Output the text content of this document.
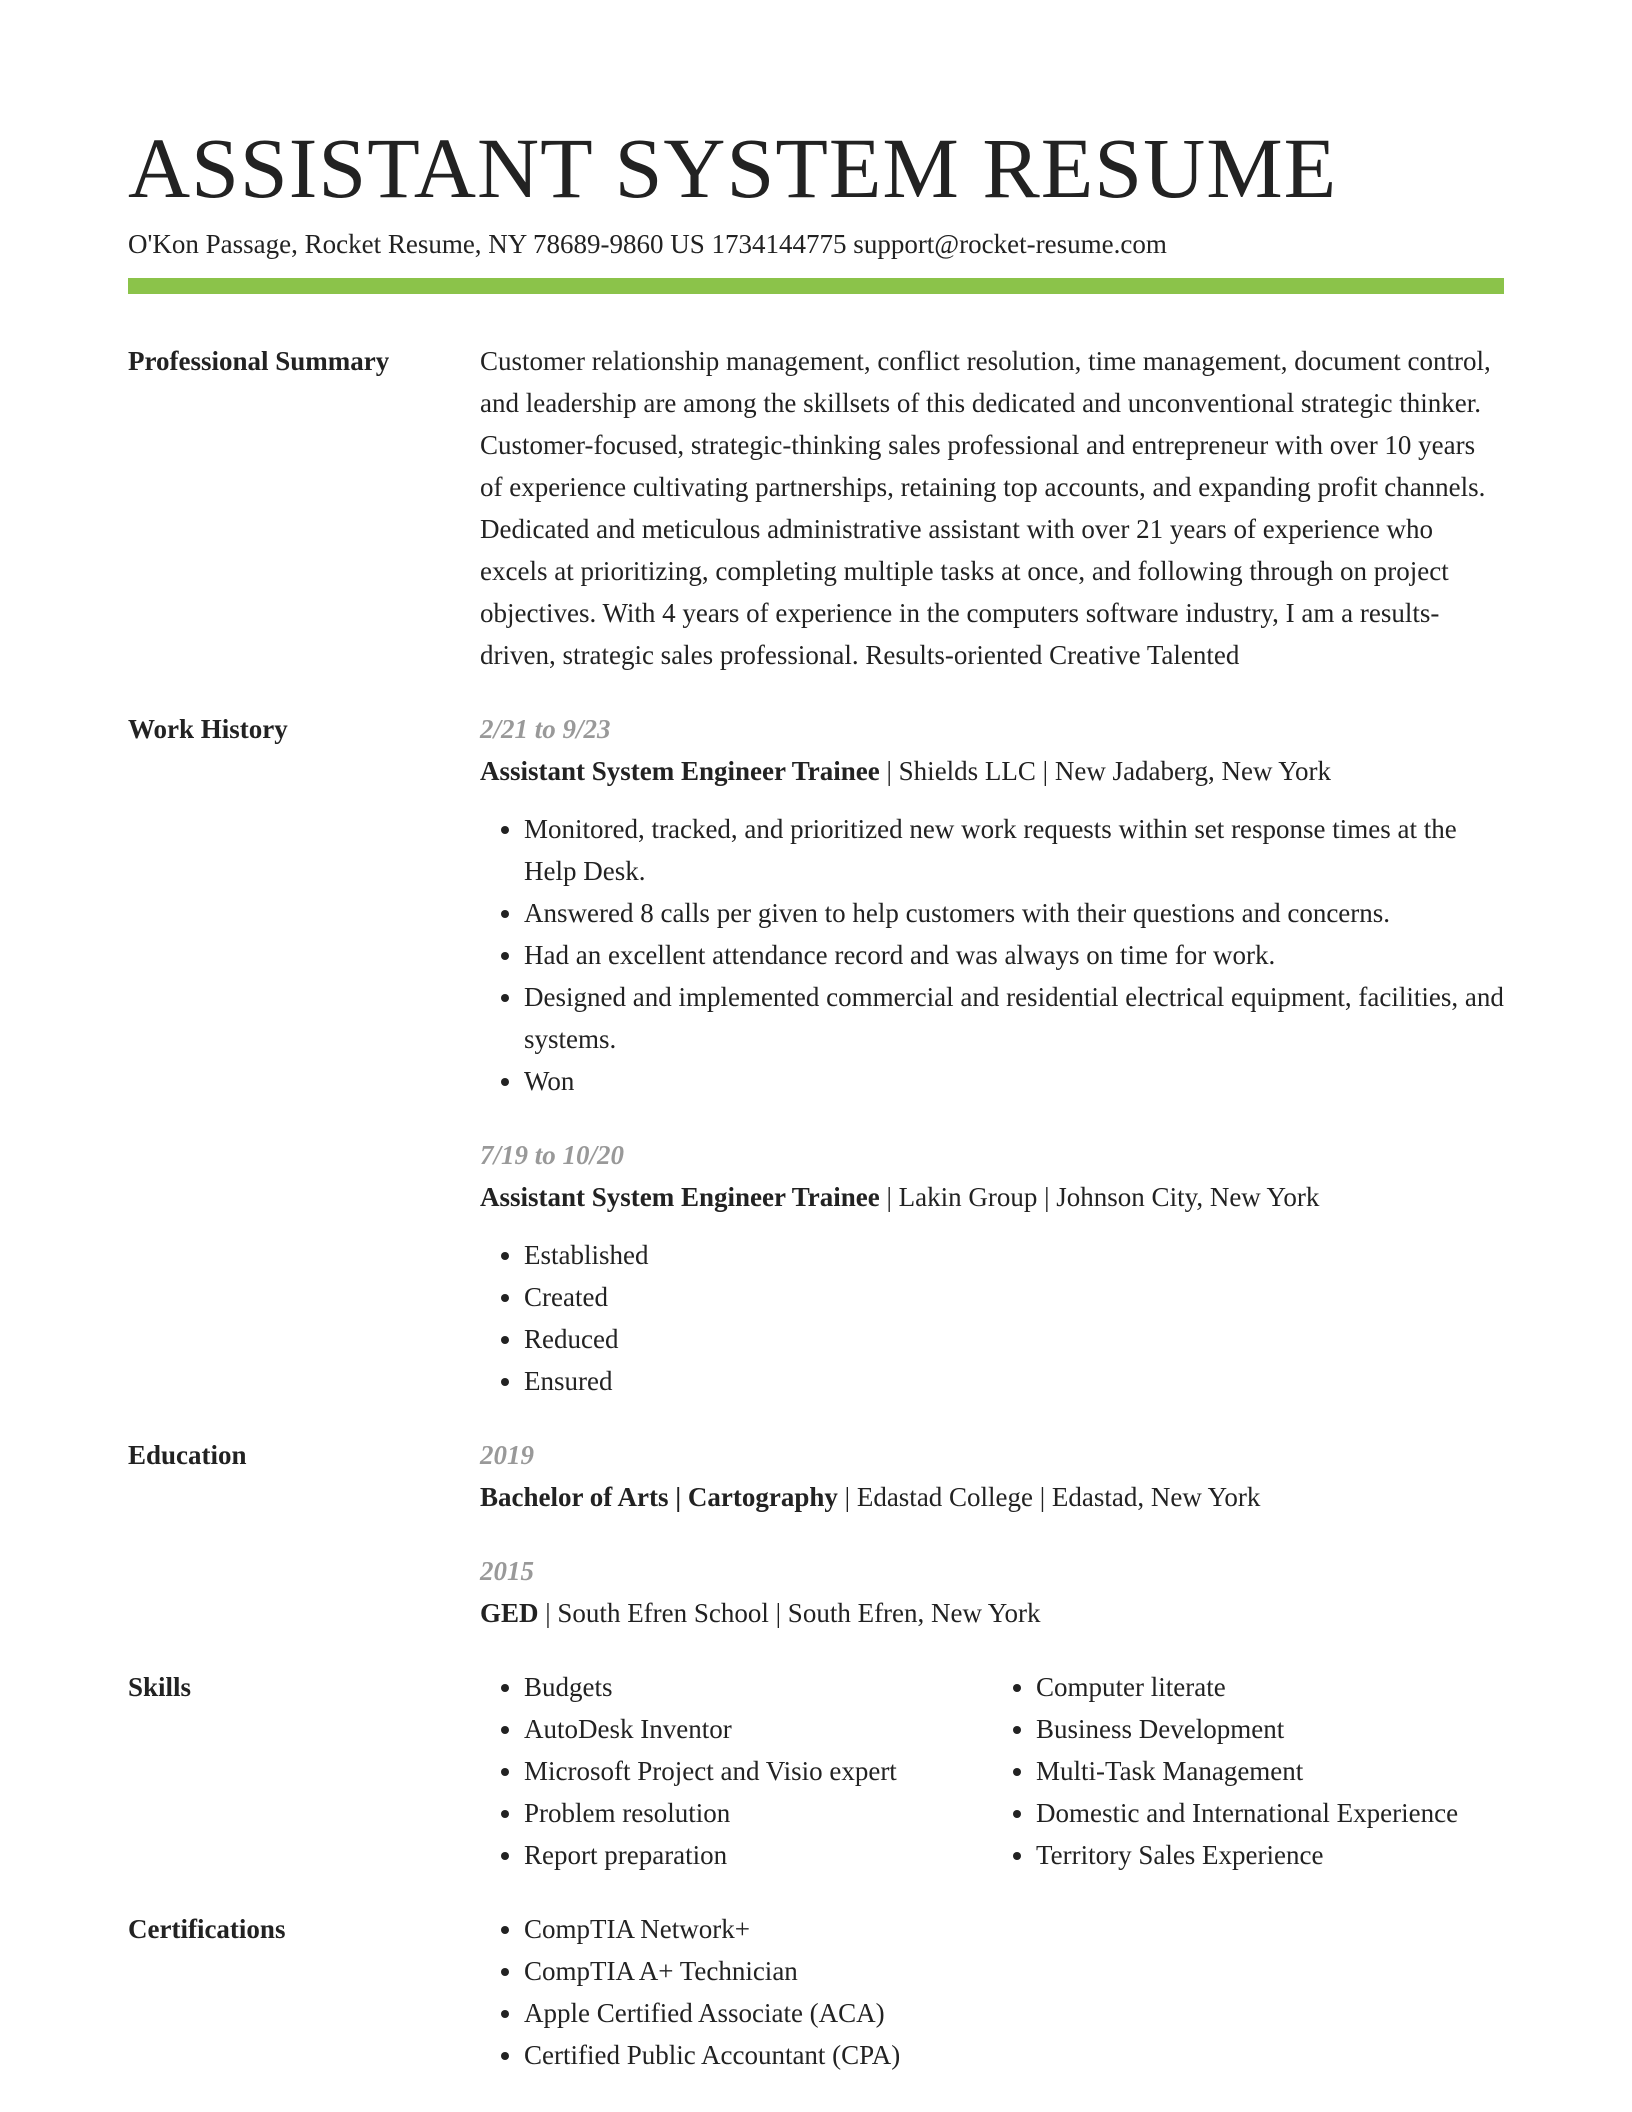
ASSISTANT SYSTEM RESUME
O'Kon Passage, Rocket Resume, NY 78689-9860 US 1734144775 support@rocket-resume.com
Professional Summary	Customer relationship management, conflict resolution, time management, document control, and leadership are among the skillsets of this dedicated and unconventional strategic thinker. Customer-focused, strategic-thinking sales professional and entrepreneur with over 10 years of experience cultivating partnerships, retaining top accounts, and expanding profit channels. Dedicated and meticulous administrative assistant with over 21 years of experience who excels at prioritizing, completing multiple tasks at once, and following through on project objectives. With 4 years of experience in the computers software industry, I am a results-driven, strategic sales professional. Results-oriented Creative Talented

Work History	2/21 to 9/23
Assistant System Engineer Trainee | Shields LLC | New Jadaberg, New York
• Monitored, tracked, and prioritized new work requests within set response times at the Help Desk.
• Answered 8 calls per given to help customers with their questions and concerns.
• Had an excellent attendance record and was always on time for work.
• Designed and implemented commercial and residential electrical equipment, facilities, and systems.
• Won
7/19 to 10/20
Assistant System Engineer Trainee | Lakin Group | Johnson City, New York
• Established
• Created
• Reduced
• Ensured
Education	2019
Bachelor of Arts | Cartography | Edastad College | Edastad, New York
2015
GED | South Efren School | South Efren, New York
Skills	• Budgets
• AutoDesk Inventor
• Microsoft Project and Visio expert
• Problem resolution
• Report preparation
• Computer literate
• Business Development
• Multi-Task Management
• Domestic and International Experience
• Territory Sales Experience
Certifications	• CompTIA Network+
• CompTIA A+ Technician
• Apple Certified Associate (ACA)
• Certified Public Accountant (CPA)
